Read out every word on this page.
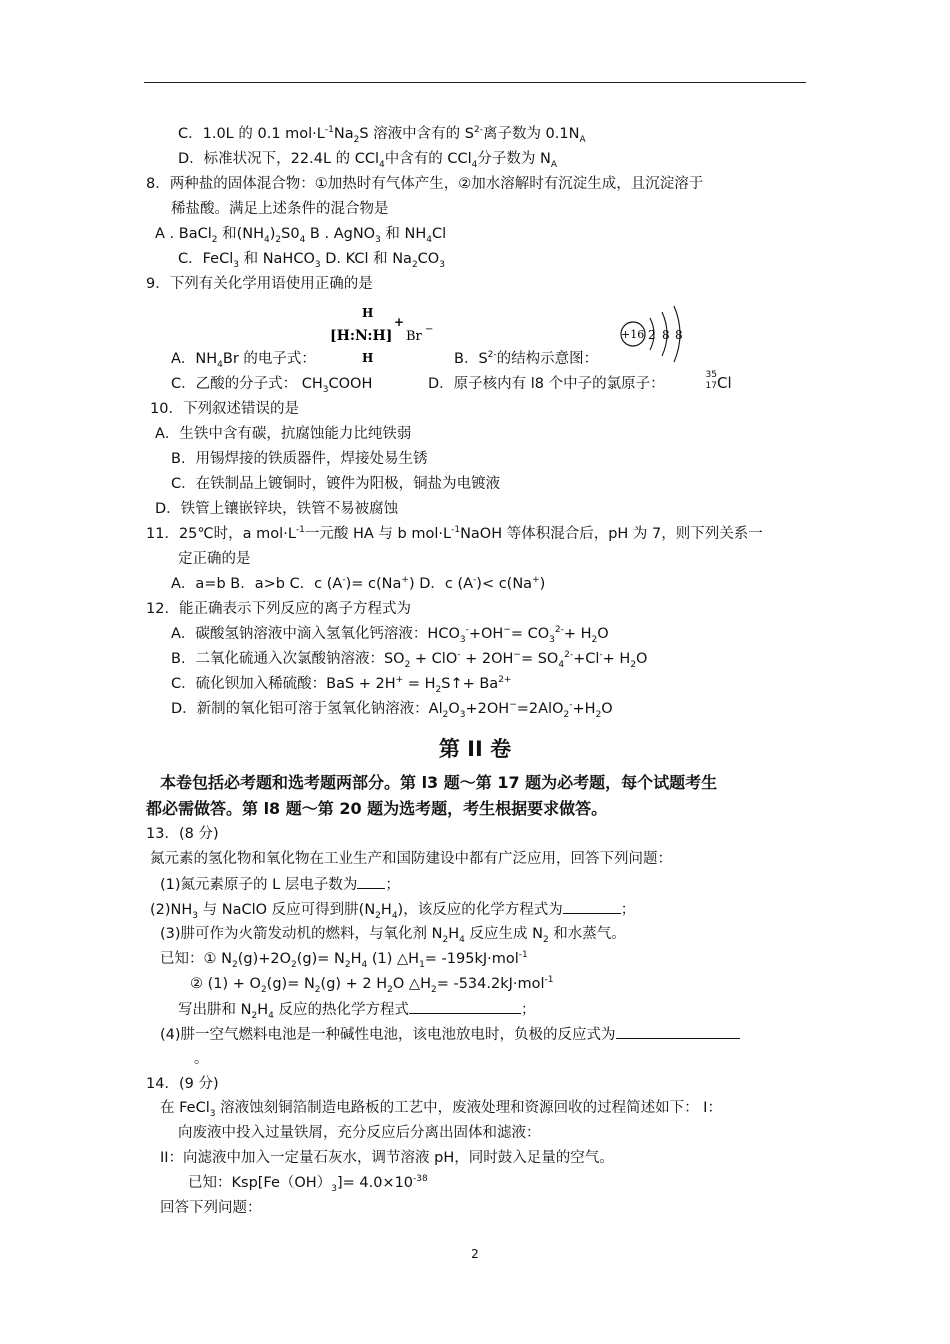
C．1.0L 的 0.1 $mol\cdot L^{-1}Na_2S$ 溶液中含有的 $S^{2-}$离子数为 $0.1N_A$
D．标准状况下，22.4L 的 CCl$_4$中含有的 CCl$_4$分子数为 $N_A$
8．两种盐的固体混合物：①加热时有气体产生，②加水溶解时有沉淀生成，且沉淀溶于
稀盐酸。满足上述条件的混合物是
A . BaCl$_2$ 和$(NH_4)_2S0_4$ B . AgNO$_3$ 和 $NH_4Cl$
C．FeCl$_3$ 和 NaHCO$_3$ D. KCl 和 $Na_2CO_3$
9．下列有关化学用语使用正确的是
H
[H:N:H]
+
H
Br −	+16 2 8 8
A．$NH_4Br$ 的电子式：	B．$S^{2-}$的结构示意图：
C．乙酸的分子式： $CH_3COOH$	D．原子核内有 l8 个中子的氯原子：
35
17 Cl
10．下列叙述错误的是
A．生铁中含有碳，抗腐蚀能力比纯铁弱
B．用锡焊接的铁质器件，焊接处易生锈
C．在铁制品上镀铜时，镀件为阳极，铜盐为电镀液
D．铁管上镶嵌锌块，铁管不易被腐蚀
11．25℃时，a $mol\cdot L^{-1}$一元酸 HA 与 b $mol\cdot L^{-1}NaOH$ 等体积混合后，pH 为 7，则下列关系一
定正确的是
A．a=b B．a>b C．c (A-)= c(Na+) D．c (A-)< c(Na+)
12．能正确表示下列反应的离子方程式为
A．碳酸氢钠溶液中滴入氢氧化钙溶液：$HCO_3^-+OH^-= CO_3^{2-}+ H_2O$
B．二氧化硫通入次氯酸钠溶液：$SO_2 + ClO^- + 2OH^-= SO_4^{2-}+Cl^-+ H_2O$
C．硫化钡加入稀硫酸：BaS + $2H^+ = H_2S↑+ Ba^{2+}$
D．新制的氧化铝可溶于氢氧化钠溶液：$Al_2O_3+2OH^-=2AlO_2^-+H_2O$
第 II 卷
本卷包括必考题和选考题两部分。第 l3 题～第 17 题为必考题，每个试题考生
都必需做答。第 l8 题～第 20 题为选考题，考生根据要求做答。
13．(8 分)
氮元素的氢化物和氧化物在工业生产和国防建设中都有广泛应用，回答下列问题：
(1)氮元素原子的 L 层电子数为 ；
$(2)NH_3$ 与 NaClO 反应可得到肼$(N_2H_4)$，该反应的化学方程式为	；
(3)肼可作为火箭发动机的燃料，与氧化剂 $N_2H_4$ 反应生成 $N_2$ 和水蒸气。
已知：① $N_2(g)+2O_2(g)= N_2H_4$ (1) $\triangle H_1= -195kJ\cdot mol^{-1}$
② $(1) + O_2(g)= N_2(g) + 2$ $H_2O$ $\triangle H_2= -534.2kJ\cdot mol^{-1}$
写出肼和 $N_2H_4$ 反应的热化学方程式	；
(4)肼一空气燃料电池是一种碱性电池，该电池放电时，负极的反应式为
。
14．(9 分)
在 FeCl$_3$ 溶液蚀刻铜箔制造电路板的工艺中，废液处理和资源回收的过程简述如下： I：
向废液中投入过量铁屑，充分反应后分离出固体和滤液：
II：向滤液中加入一定量石灰水，调节溶液 pH，同时鼓入足量的空气。
已知：$Ksp[Fe(OH)_3]= 4.0\times 10^{-38}$
回答下列问题：
2
